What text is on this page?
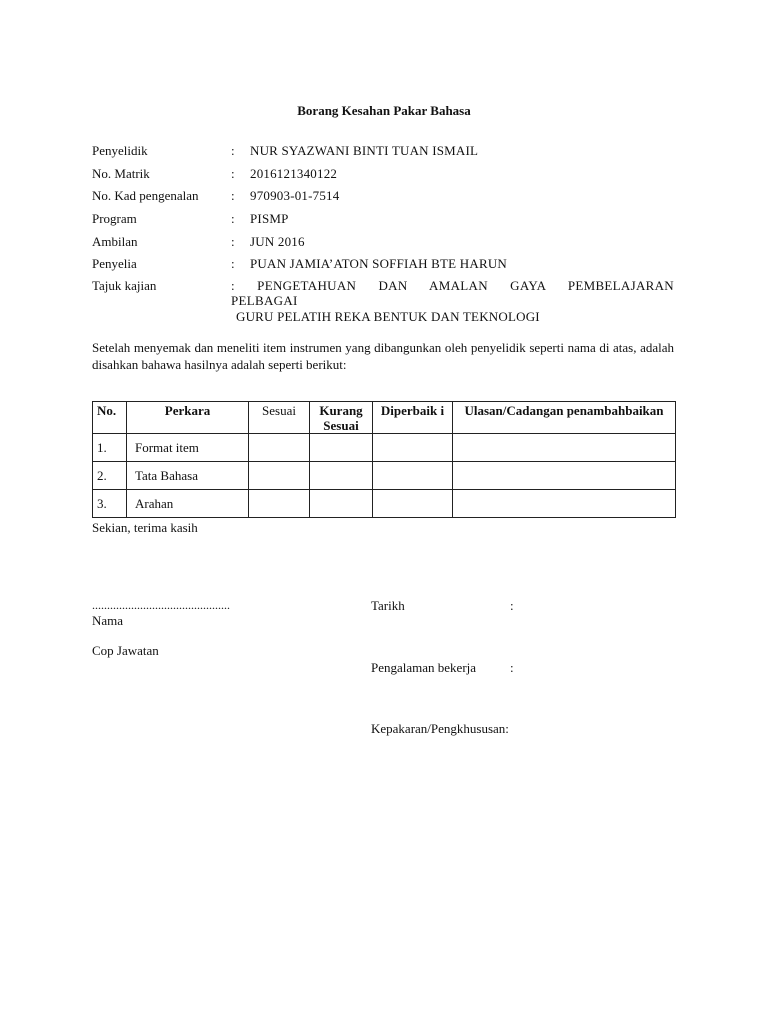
Borang Kesahan Pakar Bahasa
Penyelidik	: NUR SYAZWANI BINTI TUAN ISMAIL
No. Matrik	: 2016121340122
No. Kad pengenalan	: 970903-01-7514
Program	: PISMP
Ambilan	: JUN 2016
Penyelia	: PUAN JAMIA’ATON SOFFIAH BTE HARUN
Tajuk kajian	: PENGETAHUAN DAN AMALAN GAYA PEMBELAJARAN
PELBAGAI
GURU PELATIH REKA BENTUK DAN TEKNOLOGI
Setelah menyemak dan meneliti item instrumen yang dibangunkan oleh penyelidik seperti nama di atas, adalah disahkan bahawa hasilnya adalah seperti berikut:
No.	Perkara	Sesuai	Kurang Sesuai	Diperbaik i	Ulasan/Cadangan penambahbaikan
1.	Format item				
2.	Tata Bahasa				
3.	Arahan				
Sekian, terima kasih
..............................................
Nama
Cop Jawatan
Tarikh	:
Pengalaman bekerja	:
Kepakaran/Pengkhususan:
